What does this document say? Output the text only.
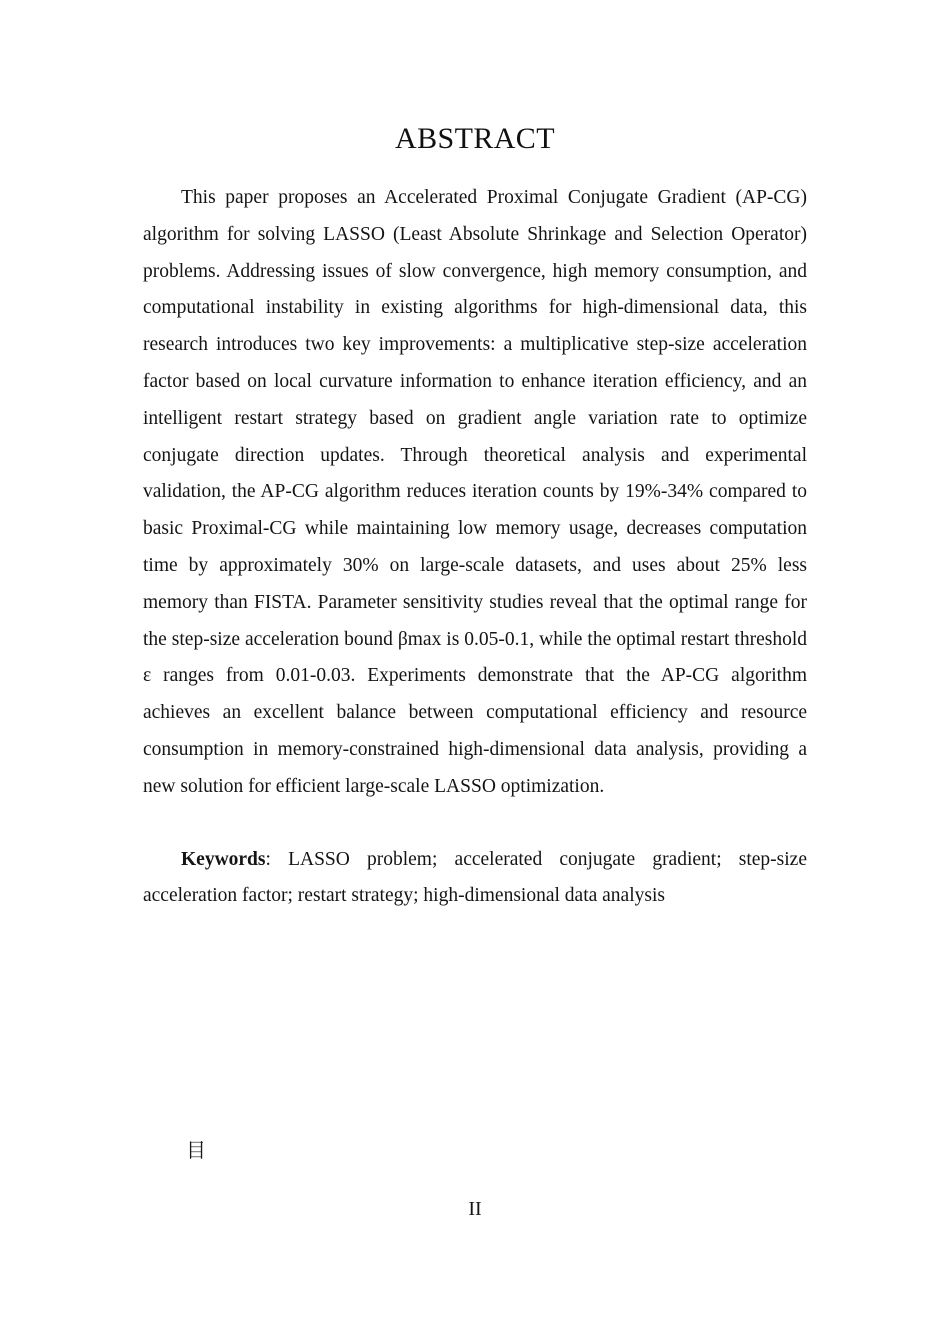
ABSTRACT

This paper proposes an Accelerated Proximal Conjugate Gradient (AP-CG) algorithm for solving LASSO (Least Absolute Shrinkage and Selection Operator) problems. Addressing issues of slow convergence, high memory consumption, and computational instability in existing algorithms for high-dimensional data, this research introduces two key improvements: a multiplicative step-size acceleration factor based on local curvature information to enhance iteration efficiency, and an intelligent restart strategy based on gradient angle variation rate to optimize conjugate direction updates. Through theoretical analysis and experimental validation, the AP-CG algorithm reduces iteration counts by 19%-34% compared to basic Proximal-CG while maintaining low memory usage, decreases computation time by approximately 30% on large-scale datasets, and uses about 25% less memory than FISTA. Parameter sensitivity studies reveal that the optimal range for the step-size acceleration bound βmax is 0.05-0.1, while the optimal restart threshold ε ranges from 0.01-0.03. Experiments demonstrate that the AP-CG algorithm achieves an excellent balance between computational efficiency and resource consumption in memory-constrained high-dimensional data analysis, providing a new solution for efficient large-scale LASSO optimization.

Keywords: LASSO problem; accelerated conjugate gradient; step-size acceleration factor; restart strategy; high-dimensional data analysis

目
II
